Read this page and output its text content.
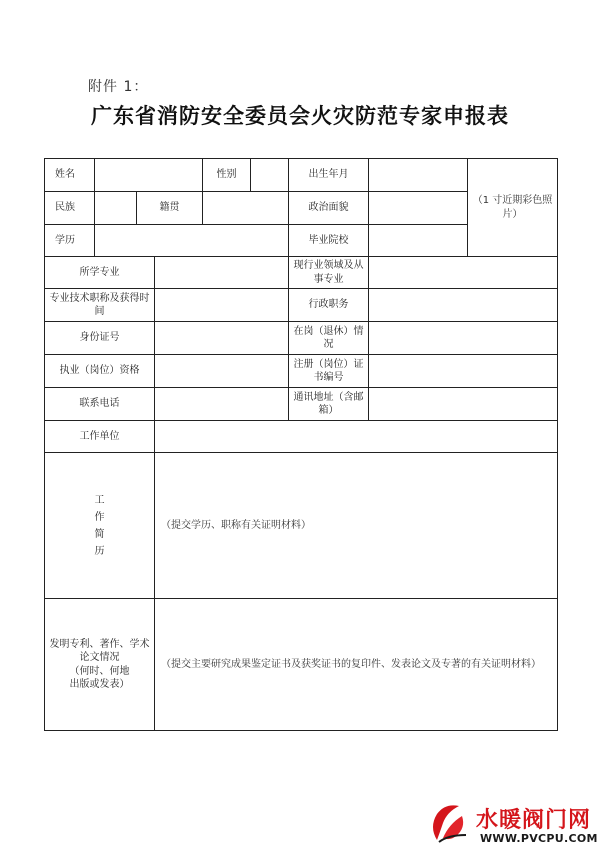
附件 1：
广东省消防安全委员会火灾防范专家申报表
姓名				性别		出生年月		（1 寸近期彩色照片）
民族		籍贯				政治面貌		
学历						毕业院校		
所学专业						现行业领域及从事专业		
专业技术职称及获得时间						行政职务		
身份证号						在岗（退休）情况		
执业（岗位）资格						注册（岗位）证书编号		
联系电话						通讯地址（含邮箱）		
工作单位								
工
作
简
历			（提交学历、职称有关证明材料）					
发明专利、著作、学术
论文情况
（何时、何地
出版或发表）			（提交主要研究成果鉴定证书及获奖证书的复印件、发表论文及专著的有关证明材料）					
水暖阀门网
WWW.PVCPU.COM
